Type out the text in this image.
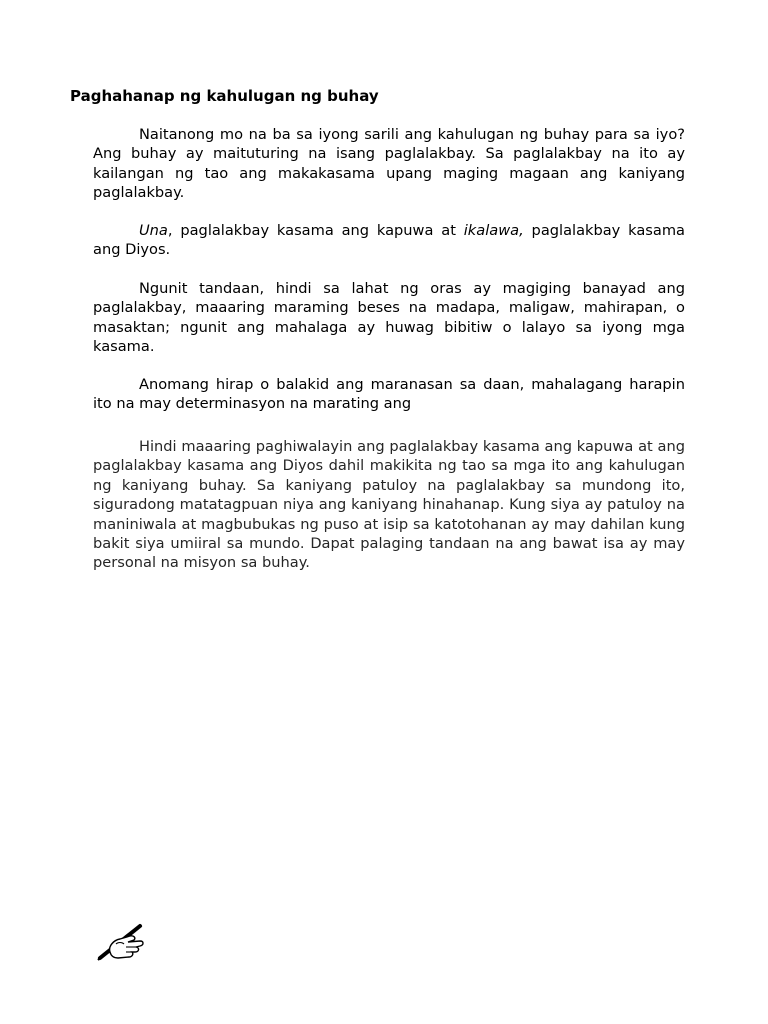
Paghahanap ng kahulugan ng buhay

Naitanong mo na ba sa iyong sarili ang kahulugan ng buhay para sa iyo? Ang buhay ay maituturing na isang paglalakbay. Sa paglalakbay na ito ay kailangan ng tao ang makakasama upang maging magaan ang kaniyang paglalakbay.

Una, paglalakbay kasama ang kapuwa at ikalawa, paglalakbay kasama ang Diyos.

Ngunit tandaan, hindi sa lahat ng oras ay magiging banayad ang paglalakbay, maaaring maraming beses na madapa, maligaw, mahirapan, o masaktan; ngunit ang mahalaga ay huwag bibitiw o lalayo sa iyong mga kasama.

Anomang hirap o balakid ang maranasan sa daan, mahalagang harapin ito na may determinasyon na marating ang

Hindi maaaring paghiwalayin ang paglalakbay kasama ang kapuwa at ang paglalakbay kasama ang Diyos dahil makikita ng tao sa mga ito ang kahulugan ng kaniyang buhay. Sa kaniyang patuloy na paglalakbay sa mundong ito, siguradong matatagpuan niya ang kaniyang hinahanap. Kung siya ay patuloy na maniniwala at magbubukas ng puso at isip sa katotohanan ay may dahilan kung bakit siya umiiral sa mundo. Dapat palaging tandaan na ang bawat isa ay may personal na misyon sa buhay.
